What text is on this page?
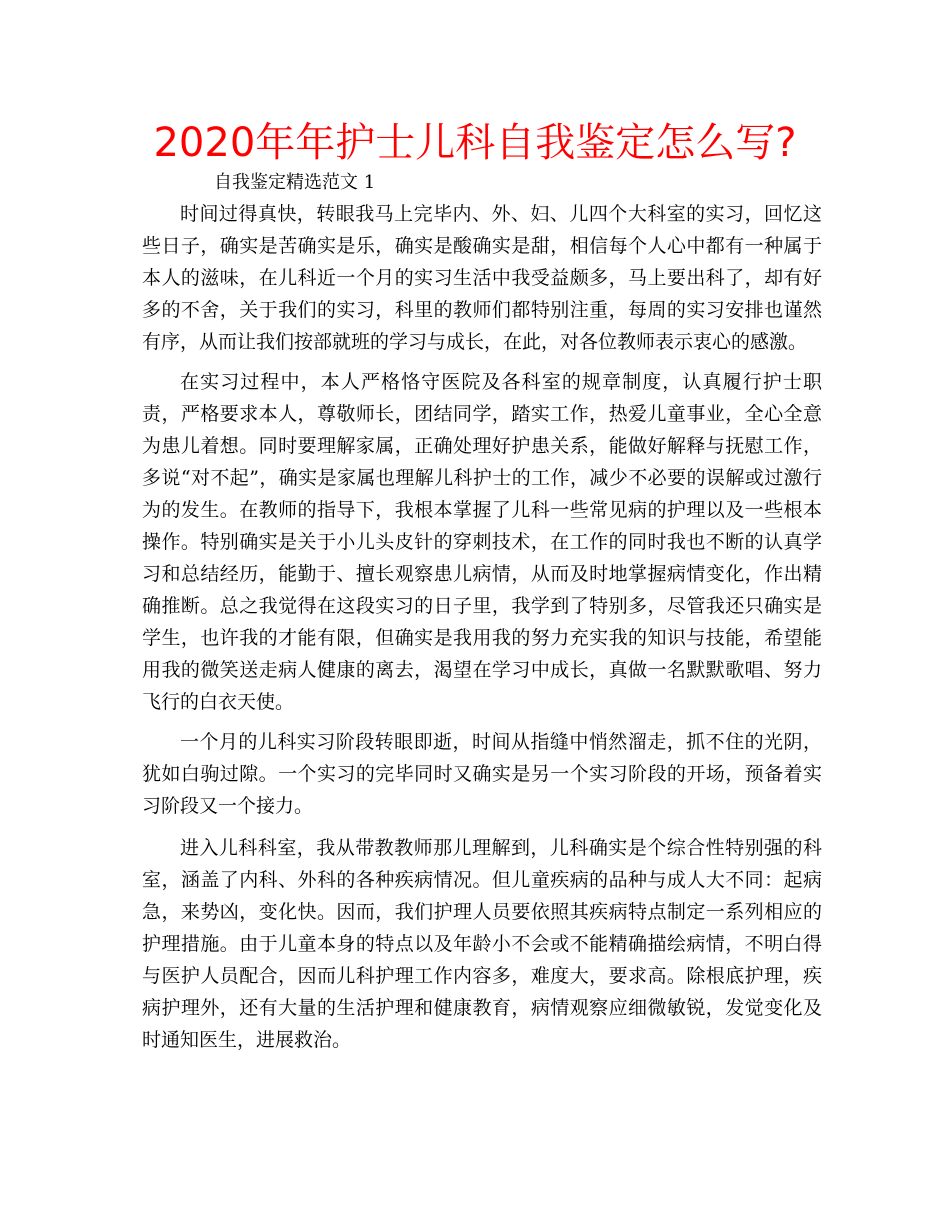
2020年年护士儿科自我鉴定怎么写?
自我鉴定精选范文 1

时间过得真快，转眼我马上完毕内、外、妇、儿四个大科室的实习，回忆这些日子，确实是苦确实是乐，确实是酸确实是甜，相信每个人心中都有一种属于本人的滋味，在儿科近一个月的实习生活中我受益颇多，马上要出科了，却有好多的不舍，关于我们的实习，科里的教师们都特别注重，每周的实习安排也谨然有序，从而让我们按部就班的学习与成长，在此，对各位教师表示衷心的感激。

在实习过程中，本人严格恪守医院及各科室的规章制度，认真履行护士职责，严格要求本人，尊敬师长，团结同学，踏实工作，热爱儿童事业，全心全意为患儿着想。同时要理解家属，正确处理好护患关系，能做好解释与抚慰工作，多说“对不起”，确实是家属也理解儿科护士的工作，减少不必要的误解或过激行为的发生。在教师的指导下，我根本掌握了儿科一些常见病的护理以及一些根本操作。特别确实是关于小儿头皮针的穿刺技术，在工作的同时我也不断的认真学习和总结经历，能勤于、擅长观察患儿病情，从而及时地掌握病情变化，作出精确推断。总之我觉得在这段实习的日子里，我学到了特别多，尽管我还只确实是学生，也许我的才能有限，但确实是我用我的努力充实我的知识与技能，希望能用我的微笑送走病人健康的离去，渴望在学习中成长，真做一名默默歌唱、努力飞行的白衣天使。

一个月的儿科实习阶段转眼即逝，时间从指缝中悄然溜走，抓不住的光阴，犹如白驹过隙。一个实习的完毕同时又确实是另一个实习阶段的开场，预备着实习阶段又一个接力。

进入儿科科室，我从带教教师那儿理解到，儿科确实是个综合性特别强的科室，涵盖了内科、外科的各种疾病情况。但儿童疾病的品种与成人大不同：起病急，来势凶，变化快。因而，我们护理人员要依照其疾病特点制定一系列相应的护理措施。由于儿童本身的特点以及年龄小不会或不能精确描绘病情，不明白得与医护人员配合，因而儿科护理工作内容多，难度大，要求高。除根底护理，疾病护理外，还有大量的生活护理和健康教育，病情观察应细微敏锐，发觉变化及时通知医生，进展救治。
